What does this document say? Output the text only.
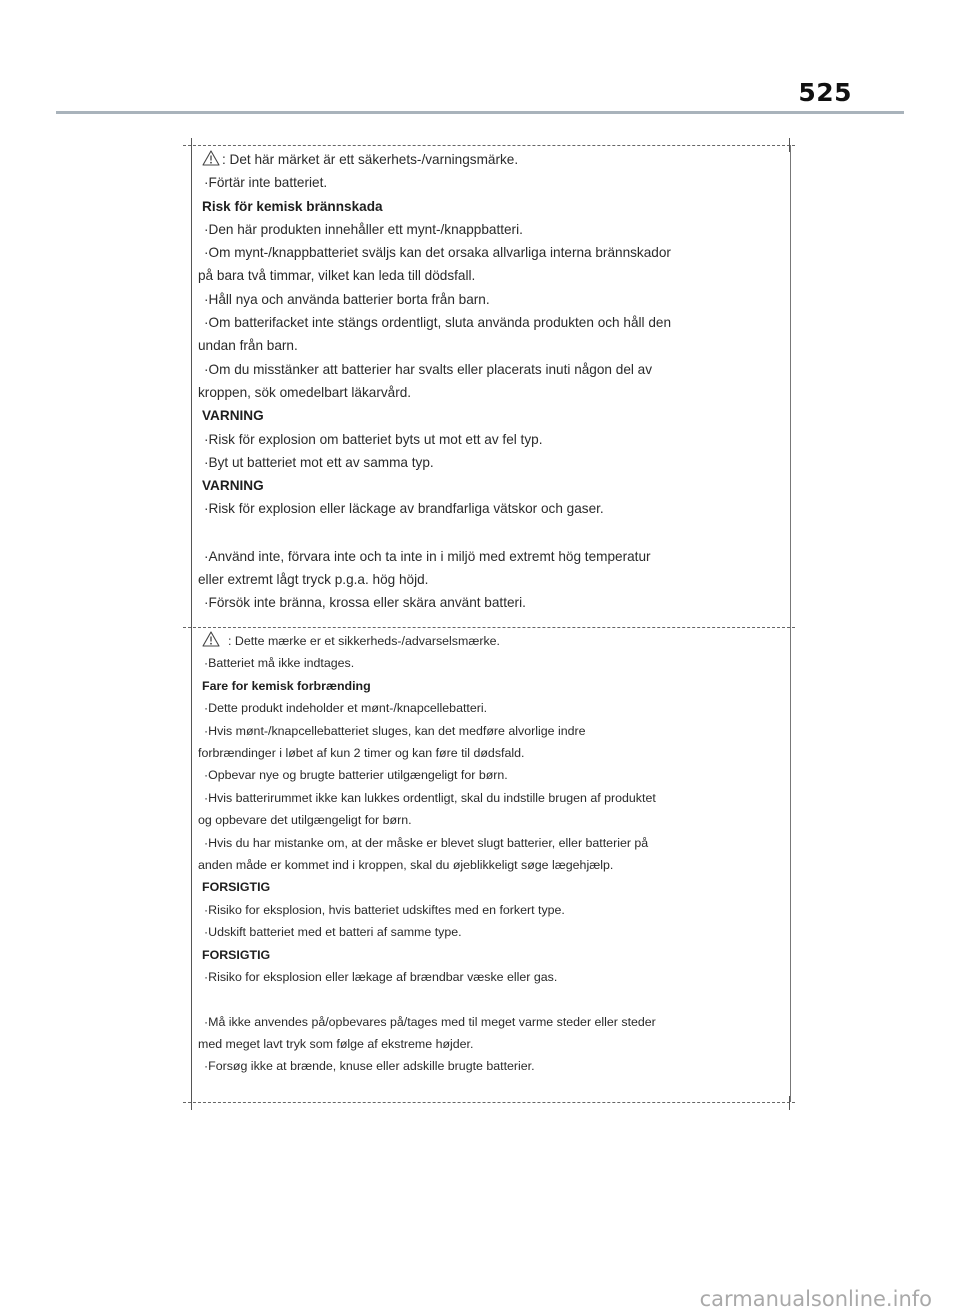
525

: Det här märket är ett säkerhets-/varningsmärke.

·Förtär inte batteriet.

Risk för kemisk brännskada

·Den här produkten innehåller ett mynt-/knappbatteri.

·Om mynt-/knappbatteriet sväljs kan det orsaka allvarliga interna brännskador

på bara två timmar, vilket kan leda till dödsfall.

·Håll nya och använda batterier borta från barn.

·Om batterifacket inte stängs ordentligt, sluta använda produkten och håll den

undan från barn.

·Om du misstänker att batterier har svalts eller placerats inuti någon del av

kroppen, sök omedelbart läkarvård.

VARNING

·Risk för explosion om batteriet byts ut mot ett av fel typ.

·Byt ut batteriet mot ett av samma typ.

VARNING

·Risk för explosion eller läckage av brandfarliga vätskor och gaser.

·Använd inte, förvara inte och ta inte in i miljö med extremt hög temperatur

eller extremt lågt tryck p.g.a. hög höjd.

·Försök inte bränna, krossa eller skära använt batteri.

: Dette mærke er et sikkerheds-/advarselsmærke.

·Batteriet må ikke indtages.

Fare for kemisk forbrænding

·Dette produkt indeholder et mønt-/knapcellebatteri.

·Hvis mønt-/knapcellebatteriet sluges, kan det medføre alvorlige indre

forbrændinger i løbet af kun 2 timer og kan føre til dødsfald.

·Opbevar nye og brugte batterier utilgængeligt for børn.

·Hvis batterirummet ikke kan lukkes ordentligt, skal du indstille brugen af produktet

og opbevare det utilgængeligt for børn.

·Hvis du har mistanke om, at der måske er blevet slugt batterier, eller batterier på

anden måde er kommet ind i kroppen, skal du øjeblikkeligt søge lægehjælp.

FORSIGTIG

·Risiko for eksplosion, hvis batteriet udskiftes med en forkert type.

·Udskift batteriet med et batteri af samme type.

FORSIGTIG

·Risiko for eksplosion eller lækage af brændbar væske eller gas.

·Må ikke anvendes på/opbevares på/tages med til meget varme steder eller steder

med meget lavt tryk som følge af ekstreme højder.

·Forsøg ikke at brænde, knuse eller adskille brugte batterier.

carmanualsonline.info
